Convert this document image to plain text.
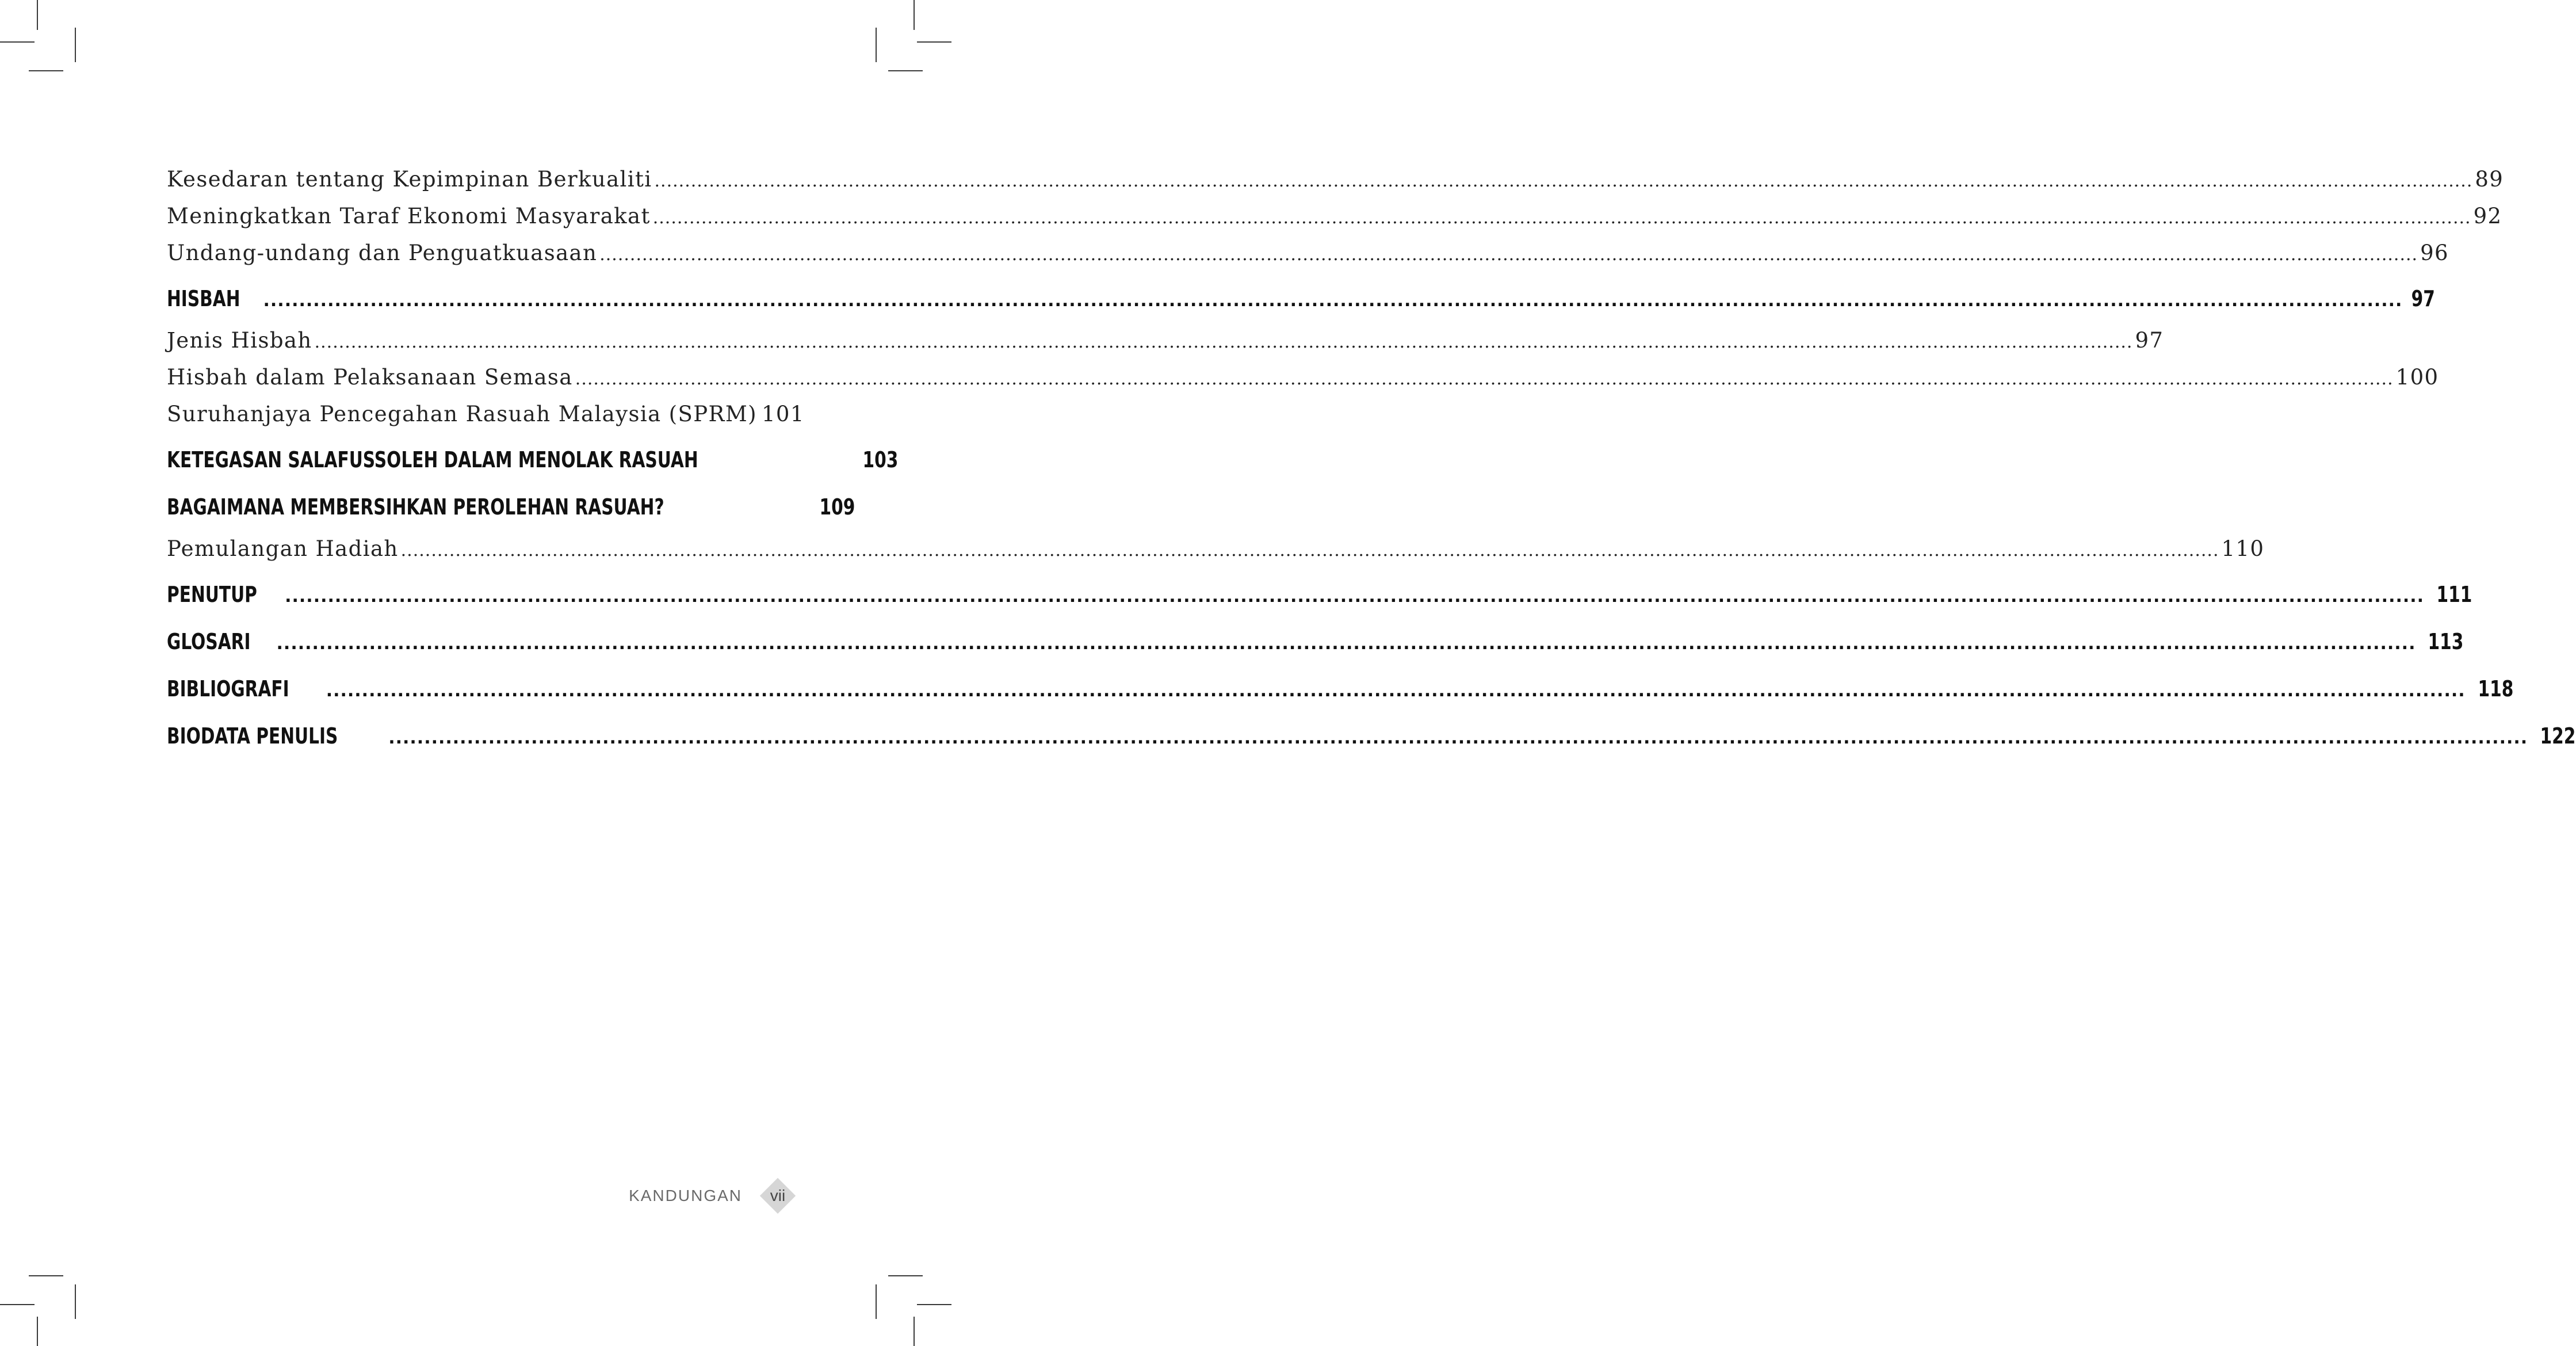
Kesedaran tentang Kepimpinan Berkualiti ............................................................................................................................................................................................................................................................................................................ 89
Meningkatkan Taraf Ekonomi Masyarakat ............................................................................................................................................................................................................................................................................................................ 92
Undang-undang dan Penguatkuasaan ............................................................................................................................................................................................................................................................................................................ 96
HISBAH ............................................................................................................................................................................................................................................................................................................ 97
Jenis Hisbah ............................................................................................................................................................................................................................................................................................................ 97
Hisbah dalam Pelaksanaan Semasa ............................................................................................................................................................................................................................................................................................................ 100
Suruhanjaya Pencegahan Rasuah Malaysia (SPRM) 101
KETEGASAN SALAFUSSOLEH DALAM MENOLAK RASUAH	103
BAGAIMANA MEMBERSIHKAN PEROLEHAN RASUAH?	109
Pemulangan Hadiah ............................................................................................................................................................................................................................................................................................................ 110
PENUTUP ............................................................................................................................................................................................................................................................................................................ 111
GLOSARI ............................................................................................................................................................................................................................................................................................................ 113
BIBLIOGRAFI ............................................................................................................................................................................................................................................................................................................ 118
BIODATA PENULIS	............................................................................................................................................................................................................................................................................................................ 122
KANDUNGAN	vii
